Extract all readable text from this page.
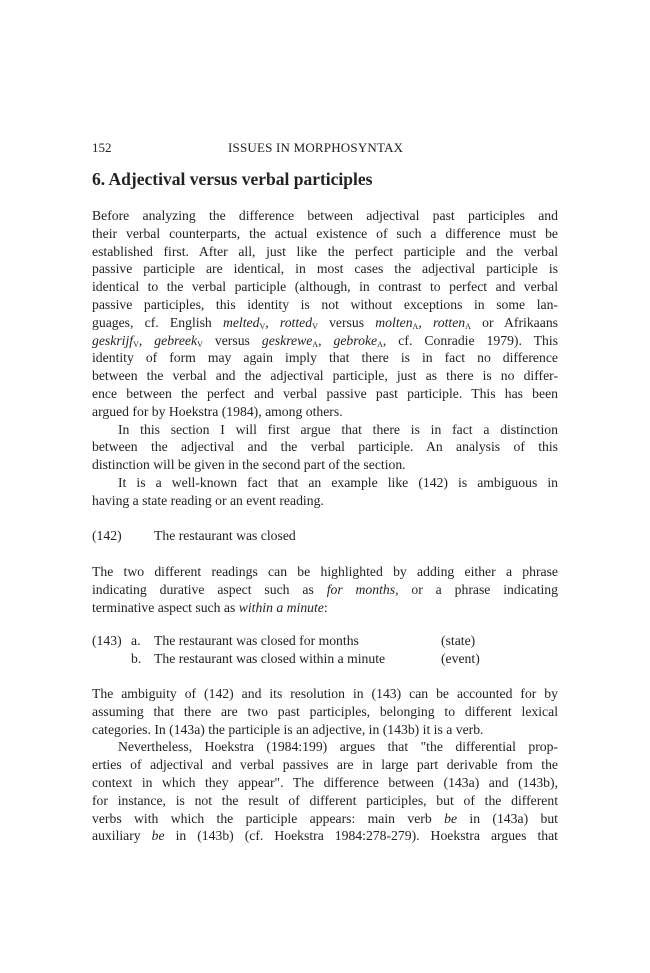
152	ISSUES IN MORPHOSYNTAX
6. Adjectival versus verbal participles
Before analyzing the difference between adjectival past participles and
their verbal counterparts, the actual existence of such a difference must be
established first. After all, just like the perfect participle and the verbal
passive participle are identical, in most cases the adjectival participle is
identical to the verbal participle (although, in contrast to perfect and verbal
passive participles, this identity is not without exceptions in some lan-
guages, cf. English melted$_V$, rotted$_V$ versus molten$_A$, rotten$_A$ or Afrikaans
geskrijf$_V$, gebreek$_V$ versus geskrewe$_A$, gebroke$_A$, cf. Conradie 1979). This
identity of form may again imply that there is in fact no difference
between the verbal and the adjectival participle, just as there is no differ-
ence between the perfect and verbal passive past participle. This has been
argued for by Hoekstra (1984), among others.
In this section I will first argue that there is in fact a distinction
between the adjectival and the verbal participle. An analysis of this
distinction will be given in the second part of the section.
It is a well-known fact that an example like (142) is ambiguous in
having a state reading or an event reading.
(142) The restaurant was closed
The two different readings can be highlighted by adding either a phrase
indicating durative aspect such as for months, or a phrase indicating
terminative aspect such as within a minute:
(143) a. The restaurant was closed for months	(state)
b. The restaurant was closed within a minute	(event)
The ambiguity of (142) and its resolution in (143) can be accounted for by
assuming that there are two past participles, belonging to different lexical
categories. In (143a) the participle is an adjective, in (143b) it is a verb.
Nevertheless, Hoekstra (1984:199) argues that "the differential prop-
erties of adjectival and verbal passives are in large part derivable from the
context in which they appear". The difference between (143a) and (143b),
for instance, is not the result of different participles, but of the different
verbs with which the participle appears: main verb be in (143a) but
auxiliary be in (143b) (cf. Hoekstra 1984:278-279). Hoekstra argues that
